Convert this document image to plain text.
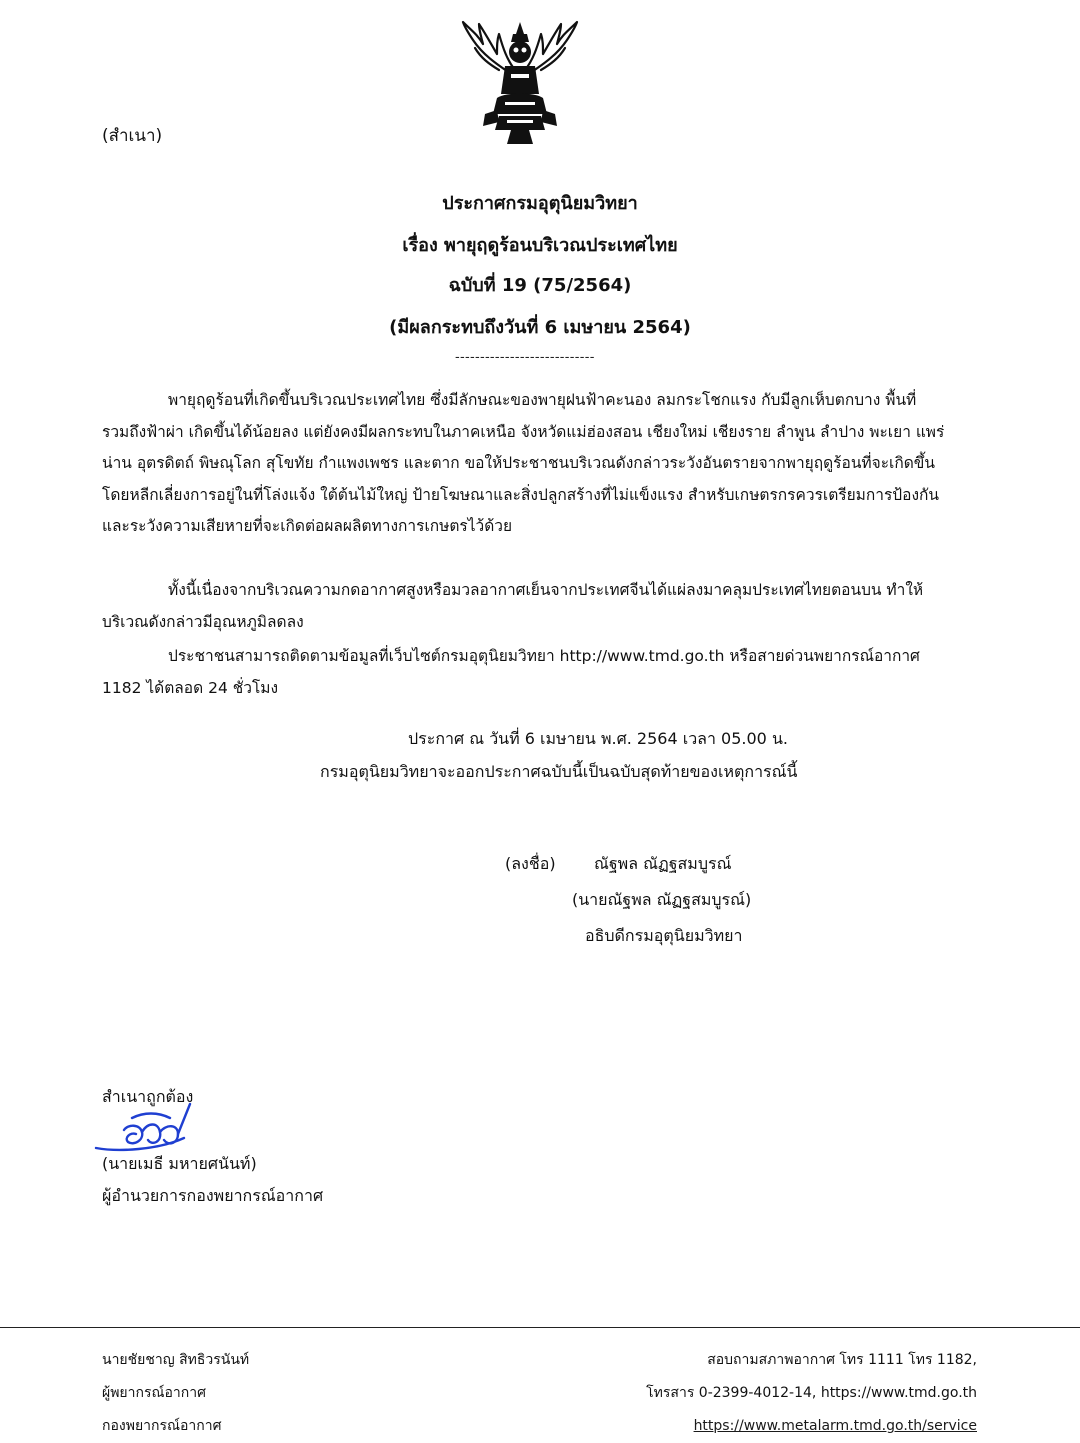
(สำเนา)
ประกาศกรมอุตุนิยมวิทยา
เรื่อง พายุฤดูร้อนบริเวณประเทศไทย
ฉบับที่ 19 (75/2564)
(มีผลกระทบถึงวันที่ 6 เมษายน 2564)
----------------------------
พายุฤดูร้อนที่เกิดขึ้นบริเวณประเทศไทย ซึ่งมีลักษณะของพายุฝนฟ้าคะนอง ลมกระโชกแรง กับมีลูกเห็บตกบาง พื้นที่
รวมถึงฟ้าผ่า เกิดขึ้นได้น้อยลง แต่ยังคงมีผลกระทบในภาคเหนือ จังหวัดแม่ฮ่องสอน เชียงใหม่ เชียงราย ลำพูน ลำปาง พะเยา แพร่
น่าน อุตรดิตถ์ พิษณุโลก สุโขทัย กำแพงเพชร และตาก ขอให้ประชาชนบริเวณดังกล่าวระวังอันตรายจากพายุฤดูร้อนที่จะเกิดขึ้น
โดยหลีกเลี่ยงการอยู่ในที่โล่งแจ้ง ใต้ต้นไม้ใหญ่ ป้ายโฆษณาและสิ่งปลูกสร้างที่ไม่แข็งแรง สำหรับเกษตรกรควรเตรียมการป้องกัน
และระวังความเสียหายที่จะเกิดต่อผลผลิตทางการเกษตรไว้ด้วย
ทั้งนี้เนื่องจากบริเวณความกดอากาศสูงหรือมวลอากาศเย็นจากประเทศจีนได้แผ่ลงมาคลุมประเทศไทยตอนบน ทำให้
บริเวณดังกล่าวมีอุณหภูมิลดลง
ประชาชนสามารถติดตามข้อมูลที่เว็บไซต์กรมอุตุนิยมวิทยา http://www.tmd.go.th หรือสายด่วนพยากรณ์อากาศ
1182 ได้ตลอด 24 ชั่วโมง
ประกาศ ณ วันที่ 6 เมษายน พ.ศ. 2564 เวลา 05.00 น.
กรมอุตุนิยมวิทยาจะออกประกาศฉบับนี้เป็นฉบับสุดท้ายของเหตุการณ์นี้
(ลงชื่อ) ณัฐพล ณัฏฐสมบูรณ์
(นายณัฐพล ณัฏฐสมบูรณ์)
อธิบดีกรมอุตุนิยมวิทยา
สำเนาถูกต้อง
(นายเมธี มหายศนันท์)
ผู้อำนวยการกองพยากรณ์อากาศ
นายชัยชาญ สิทธิวรนันท์
ผู้พยากรณ์อากาศ
กองพยากรณ์อากาศ
สอบถามสภาพอากาศ โทร 1111 โทร 1182,
โทรสาร 0-2399-4012-14, https://www.tmd.go.th
https://www.metalarm.tmd.go.th/service
